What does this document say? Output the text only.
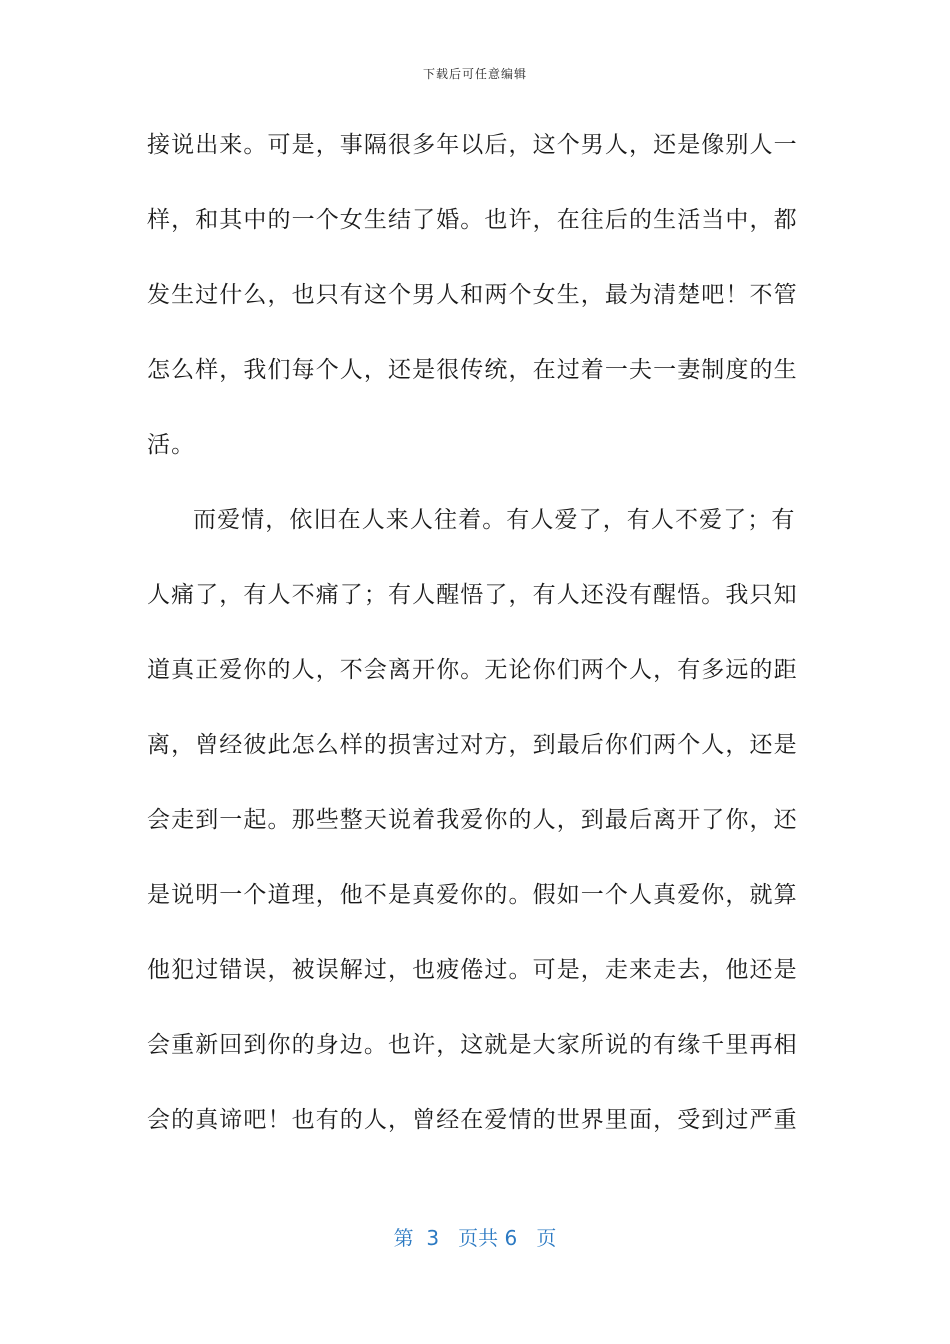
下载后可任意编辑
接说出来。可是，事隔很多年以后，这个男人，还是像别人一
样，和其中的一个女生结了婚。也许，在往后的生活当中，都
发生过什么，也只有这个男人和两个女生，最为清楚吧！不管
怎么样，我们每个人，还是很传统，在过着一夫一妻制度的生
活。
而爱情，依旧在人来人往着。有人爱了，有人不爱了；有
人痛了，有人不痛了；有人醒悟了，有人还没有醒悟。我只知
道真正爱你的人，不会离开你。无论你们两个人，有多远的距
离，曾经彼此怎么样的损害过对方，到最后你们两个人，还是
会走到一起。那些整天说着我爱你的人，到最后离开了你，还
是说明一个道理，他不是真爱你的。假如一个人真爱你，就算
他犯过错误，被误解过，也疲倦过。可是，走来走去，他还是
会重新回到你的身边。也许，这就是大家所说的有缘千里再相
会的真谛吧！也有的人，曾经在爱情的世界里面，受到过严重
第  3   页共 6   页
